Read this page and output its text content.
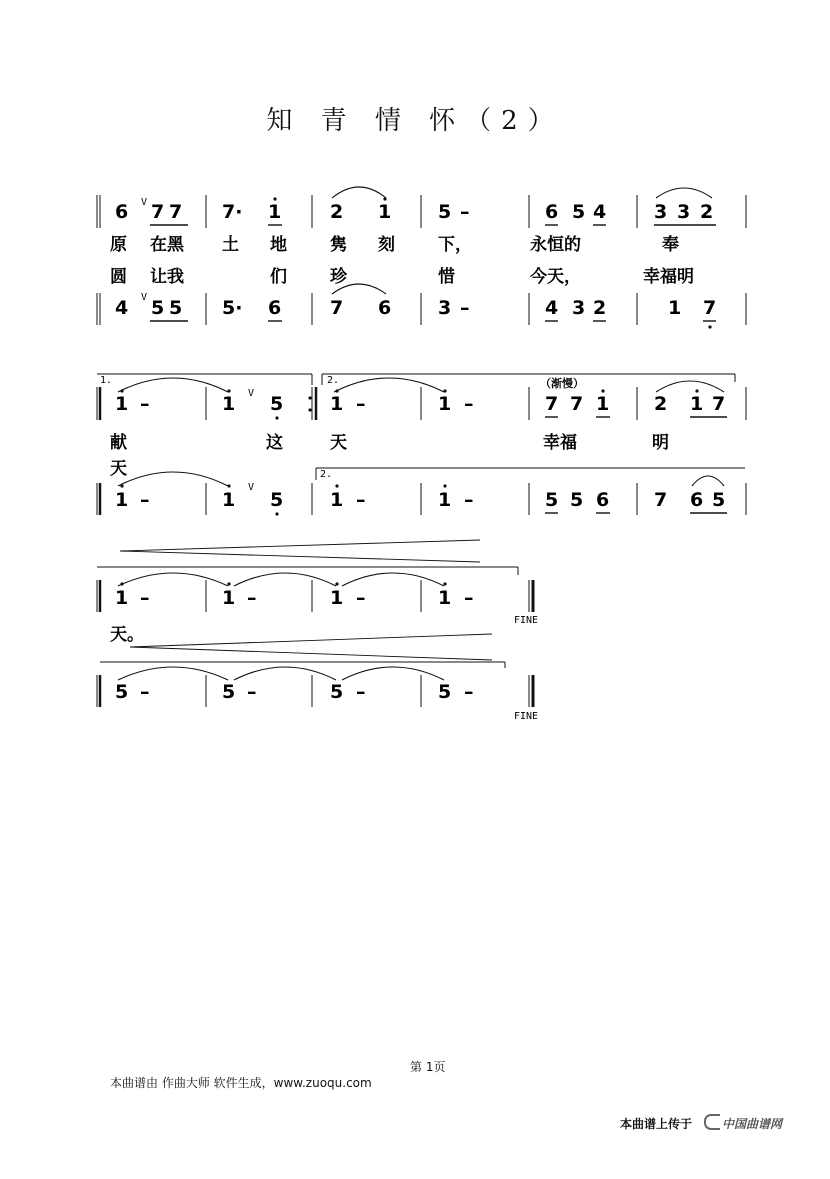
知 青 情 怀（2）
6 7 7 7· 1	2 1 5 –	6 5 4	3 3 2
V
原 在黑 土 地	隽 刻	下，	永恒的	奉
圆 让我	们	珍	惜	今天，	幸福明
4 5 5 5· 6	7 6 3 –	4 3 2	1 7
V
1.	2.	（渐慢）
1 –	1 5 1 –	1 –	7 7 1 2 1 7
V
献	这	天	幸福	明
天	2.
1 –	1 5 1 –	1 –	5 5 6 7 6 5
V
1 –	1 –	1 –	1 –
FINE
天。
5 –	5 –	5 –	5 –
FINE
第 1页
本曲谱由 作曲大师 软件生成，www.zuoqu.com
本曲谱上传于	中国曲谱网
